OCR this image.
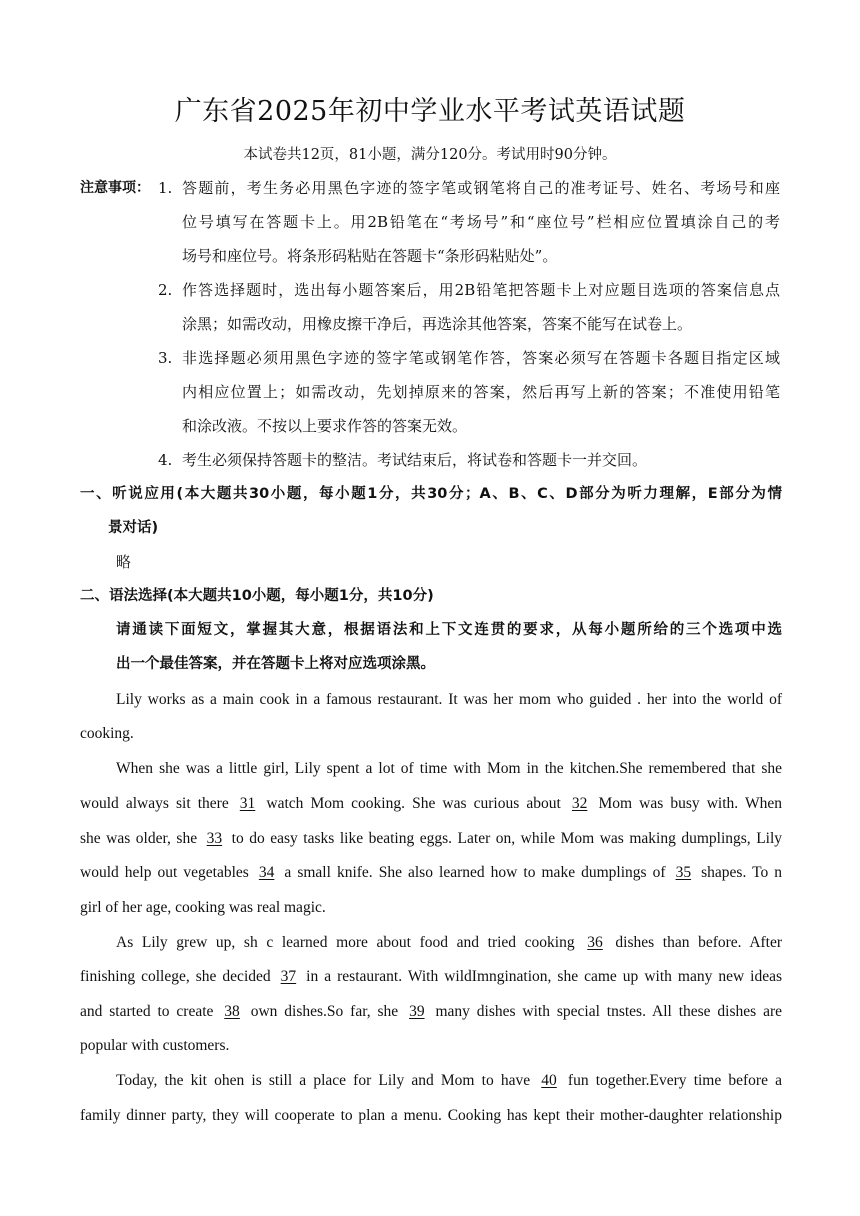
广东省2025年初中学业水平考试英语试题
本试卷共12页，81小题，满分120分。考试用时90分钟。
注意事项： 1. 答题前，考生务必用黑色字迹的签字笔或钢笔将自己的准考证号、姓名、考场号和座
位号填写在答题卡上。用2B铅笔在“考场号”和“座位号”栏相应位置填涂自己的考
场号和座位号。将条形码粘贴在答题卡“条形码粘贴处”。
2. 作答选择题时，选出每小题答案后，用2B铅笔把答题卡上对应题目选项的答案信息点
涂黑；如需改动，用橡皮擦干净后，再选涂其他答案，答案不能写在试卷上。
3. 非选择题必须用黑色字迹的签字笔或钢笔作答，答案必须写在答题卡各题目指定区域
内相应位置上；如需改动，先划掉原来的答案，然后再写上新的答案；不准使用铅笔
和涂改液。不按以上要求作答的答案无效。
4. 考生必须保持答题卡的整洁。考试结束后，将试卷和答题卡一并交回。
一、听说应用(本大题共30小题，每小题1分，共30分；A、B、C、D部分为听力理解，E部分为情
景对话)
略
二、语法选择(本大题共10小题，每小题1分，共10分)
请通读下面短文，掌握其大意，根据语法和上下文连贯的要求，从每小题所给的三个选项中选
出一个最佳答案，并在答题卡上将对应选项涂黑。
Lily works as a main cook in a famous restaurant. It was her mom who guided . her into the world of
cooking.
When she was a little girl, Lily spent a lot of time with Mom in the kitchen.She remembered that she
would always sit there 31 watch Mom cooking. She was curious about 32 Mom was busy with. When
she was older, she 33 to do easy tasks like beating eggs. Later on, while Mom was making dumplings, Lily
would help out vegetables 34 a small knife. She also learned how to make dumplings of 35 shapes. To n
girl of her age, cooking was real magic.
As Lily grew up, sh c learned more about food and tried cooking 36 dishes than before. After
finishing college, she decided 37 in a restaurant. With wildImngination, she came up with many new ideas
and started to create 38 own dishes.So far, she 39 many dishes with special tnstes. All these dishes are
popular with customers.
Today, the kit ohen is still a place for Lily and Mom to have 40 fun together.Every time before a
family dinner party, they will cooperate to plan a menu. Cooking has kept their mother-daughter relationship
